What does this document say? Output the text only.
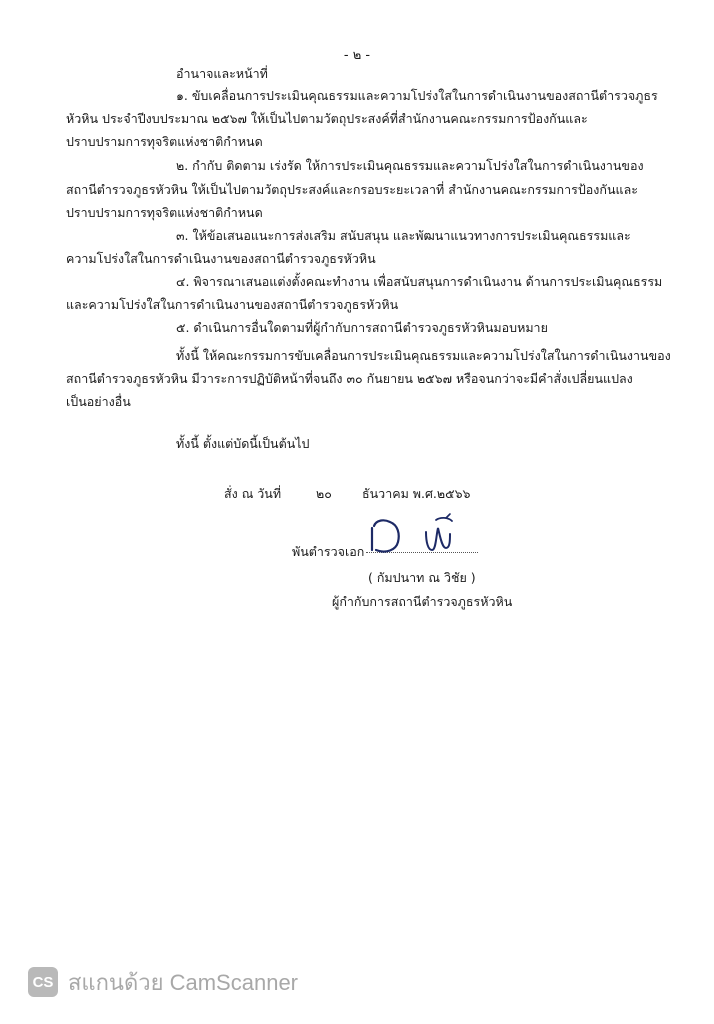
- ๒ -
อำนาจและหน้าที่
๑. ขับเคลื่อนการประเมินคุณธรรมและความโปร่งใสในการดำเนินงานของสถานีตำรวจภูธร
หัวหิน ประจำปีงบประมาณ ๒๕๖๗ ให้เป็นไปตามวัตถุประสงค์ที่สำนักงานคณะกรรมการป้องกันและ
ปราบปรามการทุจริตแห่งชาติกำหนด
๒. กำกับ ติดตาม เร่งรัด ให้การประเมินคุณธรรมและความโปร่งใสในการดำเนินงานของ
สถานีตำรวจภูธรหัวหิน ให้เป็นไปตามวัตถุประสงค์และกรอบระยะเวลาที่ สำนักงานคณะกรรมการป้องกันและ
ปราบปรามการทุจริตแห่งชาติกำหนด
๓. ให้ข้อเสนอแนะการส่งเสริม สนับสนุน และพัฒนาแนวทางการประเมินคุณธรรมและ
ความโปร่งใสในการดำเนินงานของสถานีตำรวจภูธรหัวหิน
๔. พิจารณาเสนอแต่งตั้งคณะทำงาน เพื่อสนับสนุนการดำเนินงาน ด้านการประเมินคุณธรรม
และความโปร่งใสในการดำเนินงานของสถานีตำรวจภูธรหัวหิน
๕. ดำเนินการอื่นใดตามที่ผู้กำกับการสถานีตำรวจภูธรหัวหินมอบหมาย
ทั้งนี้ ให้คณะกรรมการขับเคลื่อนการประเมินคุณธรรมและความโปร่งใสในการดำเนินงานของ
สถานีตำรวจภูธรหัวหิน มีวาระการปฏิบัติหน้าที่จนถึง ๓๐ กันยายน ๒๕๖๗ หรือจนกว่าจะมีคำสั่งเปลี่ยนแปลง
เป็นอย่างอื่น
ทั้งนี้ ตั้งแต่บัดนี้เป็นต้นไป
สั่ง ณ วันที่	๒๐ ธันวาคม พ.ศ.๒๕๖๖
พันตำรวจเอก
( กัมปนาท ณ วิชัย )
ผู้กำกับการสถานีตำรวจภูธรหัวหิน
CS สแกนด้วย CamScanner
